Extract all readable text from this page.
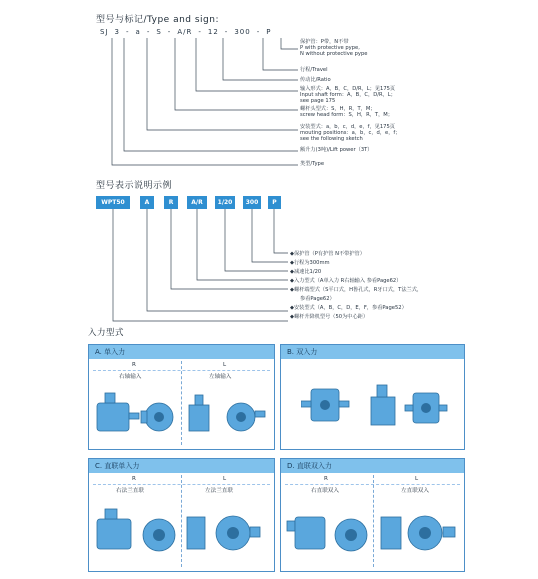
型号与标记/Type and sign:
SJ 3 - a - S - A/R - 12 - 300 - P
保护管：P带，N不带
P with protective pype,
N without protective pype
行程/Travel
传动比/Ratio
输入形式：A，B，C，D/R，L；见175页
Input shaft form：A，B，C，D/R，L；
see page 175
螺杆头型式：S，H，R，T，M；
screw head form：S，H，R，T，M；
安装型式：a，b，c，d，e，f，见175页
mouting positions：a，b，c，d，e，f；
see the following sketch
额升力(3吨)/Lift power（3T）
类型/Type
型号表示说明示例
WPT50	A	R	A/R	1/20	300	P
◆保护管（P有护管 N不带护管）
◆行程为300mm
◆减速比1/20
◆入力型式（A单入力 R右轴输入 参看Page62）
◆螺杆端型式（S平口式，H鲁孔式，R牙口式，T法兰式，
参看Page62）
◆安装型式（A，B，C，D，E，F，参看Page52）
◆螺杆升降机型号（50为中心距）
入力型式
A. 单入力
R	L
右轴输入	左轴输入
B. 双入力
C. 直联单入力
R	L
右法兰直联	左法兰直联
D. 直联双入力
R	L
右直联双入	左直联双入
